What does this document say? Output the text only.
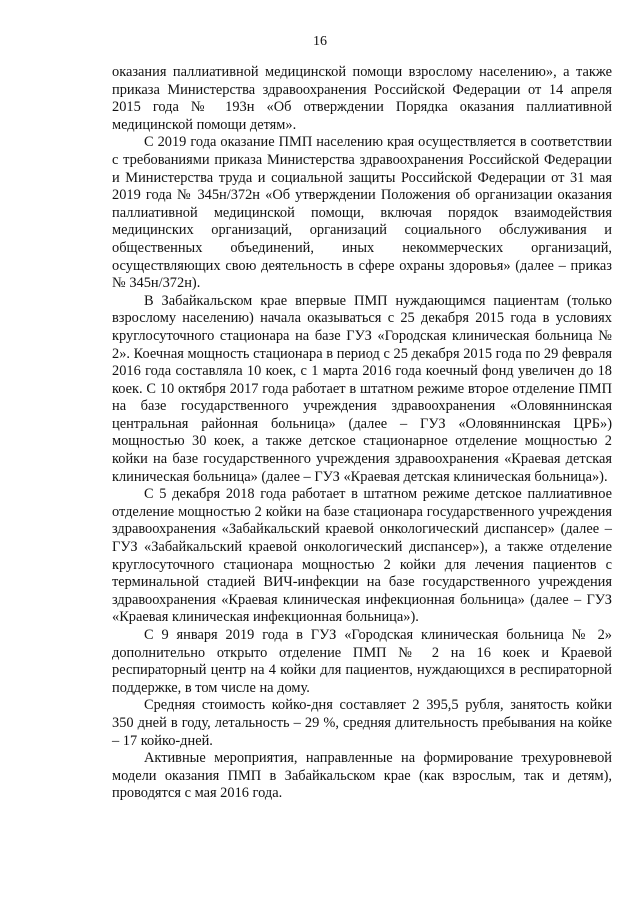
16

оказания паллиативной медицинской помощи взрослому населению», а также приказа Министерства здравоохранения Российской Федерации от 14 апреля 2015 года № 193н «Об отверждении Порядка оказания паллиативной медицинской помощи детям».

С 2019 года оказание ПМП населению края осуществляется в соответствии с требованиями приказа Министерства здравоохранения Российской Федерации и Министерства труда и социальной защиты Российской Федерации от 31 мая 2019 года № 345н/372н «Об утверждении Положения об организации оказания паллиативной медицинской помощи, включая порядок взаимодействия медицинских организаций, организаций социального обслуживания и общественных объединений, иных некоммерческих организаций, осуществляющих свою деятельность в сфере охраны здоровья» (далее – приказ № 345н/372н).

В Забайкальском крае впервые ПМП нуждающимся пациентам (только взрослому населению) начала оказываться с 25 декабря 2015 года в условиях круглосуточного стационара на базе ГУЗ «Городская клиническая больница № 2». Коечная мощность стационара в период с 25 декабря 2015 года по 29 февраля 2016 года составляла 10 коек, с 1 марта 2016 года коечный фонд увеличен до 18 коек. С 10 октября 2017 года работает в штатном режиме второе отделение ПМП на базе государственного учреждения здравоохранения «Оловяннинская центральная районная больница» (далее – ГУЗ «Оловяннинская ЦРБ») мощностью 30 коек, а также детское стационарное отделение мощностью 2 койки на базе государственного учреждения здравоохранения «Краевая детская клиническая больница» (далее – ГУЗ «Краевая детская клиническая больница»).

С 5 декабря 2018 года работает в штатном режиме детское паллиативное отделение мощностью 2 койки на базе стационара государственного учреждения здравоохранения «Забайкальский краевой онкологический диспансер» (далее – ГУЗ «Забайкальский краевой онкологический диспансер»), а также отделение круглосуточного стационара мощностью 2 койки для лечения пациентов с терминальной стадией ВИЧ-инфекции на базе государственного учреждения здравоохранения «Краевая клиническая инфекционная больница» (далее – ГУЗ «Краевая клиническая инфекционная больница»).

С 9 января 2019 года в ГУЗ «Городская клиническая больница № 2» дополнительно открыто отделение ПМП № 2 на 16 коек и Краевой респираторный центр на 4 койки для пациентов, нуждающихся в респираторной поддержке, в том числе на дому.

Средняя стоимость койко-дня составляет 2 395,5 рубля, занятость койки 350 дней в году, летальность – 29 %, средняя длительность пребывания на койке – 17 койко-дней.

Активные мероприятия, направленные на формирование трехуровневой модели оказания ПМП в Забайкальском крае (как взрослым, так и детям), проводятся с мая 2016 года.
